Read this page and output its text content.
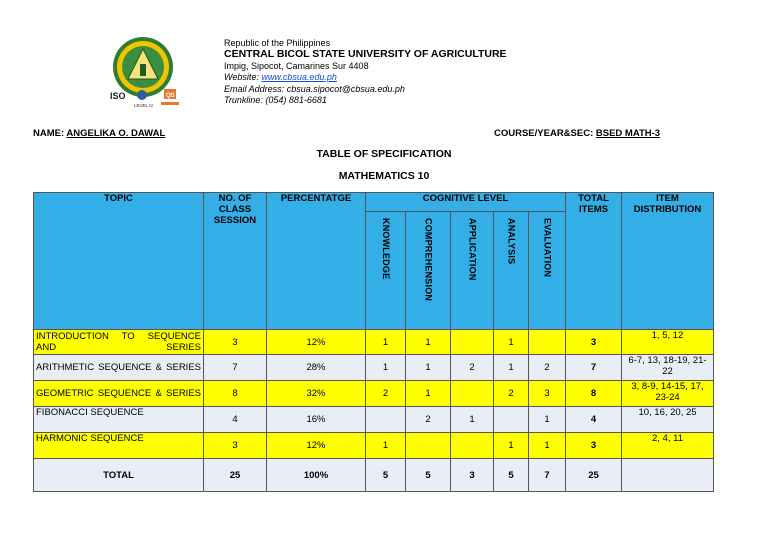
ISO
LEVEL IV
QS
Republic of the Philippines
CENTRAL BICOL STATE UNIVERSITY OF AGRICULTURE
Impig, Sipocot, Camarines Sur 4408
Website: www.cbsua.edu.ph
Email Address: cbsua.sipocot@cbsua.edu.ph
Trunkline: (054) 881-6681
NAME: ANGELIKA O. DAWAL	COURSE/YEAR&SEC: BSED MATH-3
TABLE OF SPECIFICATION
MATHEMATICS 10
TOPIC	NO. OF CLASS SESSION	PERCENTATGE	COGNITIVE LEVEL					TOTAL ITEMS	ITEM DISTRIBUTION
			KNOWLEDGE	COMPREHENSION	APPLICATION	ANALYSIS	EVALUATION		
INTRODUCTION TO SEQUENCE AND SERIES	3	12%	1	1		1		3	1, 5, 12
ARITHMETIC SEQUENCE & SERIES	7	28%	1	1	2	1	2	7	6-7, 13, 18-19, 21-22
GEOMETRIC SEQUENCE & SERIES	8	32%	2	1		2	3	8	3, 8-9, 14-15, 17, 23-24
FIBONACCI SEQUENCE	4	16%		2	1		1	4	10, 16, 20, 25
HARMONIC SEQUENCE	3	12%	1			1	1	3	2, 4, 11
TOTAL	25	100%	5	5	3	5	7	25	
